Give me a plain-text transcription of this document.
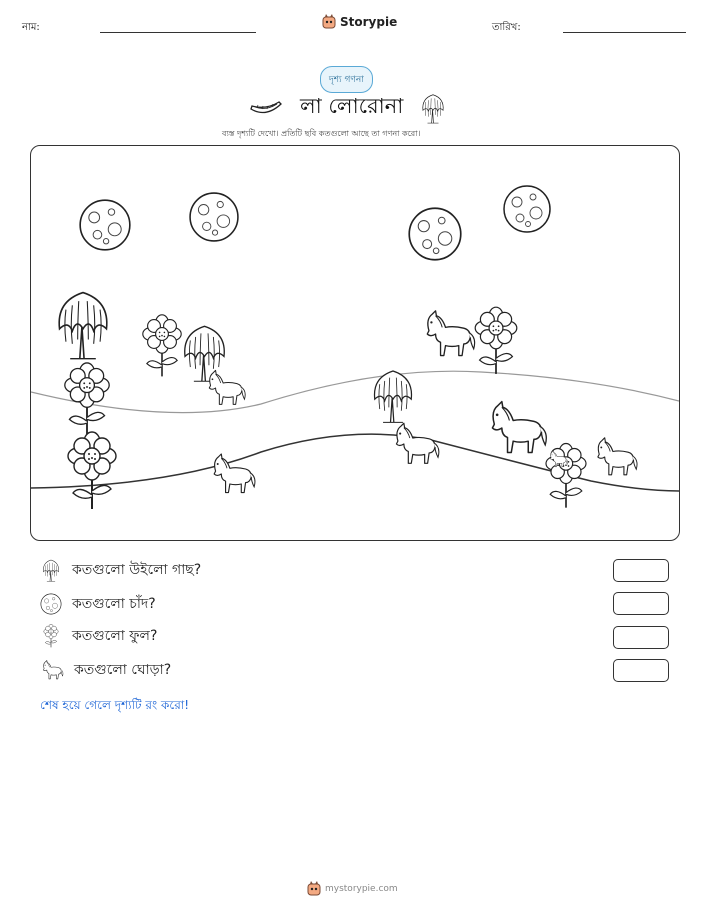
নাম:	Storypie	তারিখ:
দৃশ্য গণনা
লা লোরোনা
ব্যস্ত দৃশ্যটি দেখো। প্রতিটি ছবি কতগুলো আছে তা গণনা করো।
কতগুলো উইলো গাছ?
কতগুলো চাঁদ?
কতগুলো ফুল?
কতগুলো ঘোড়া?
শেষ হয়ে গেলে দৃশ্যটি রং করো!
mystorypie.com
